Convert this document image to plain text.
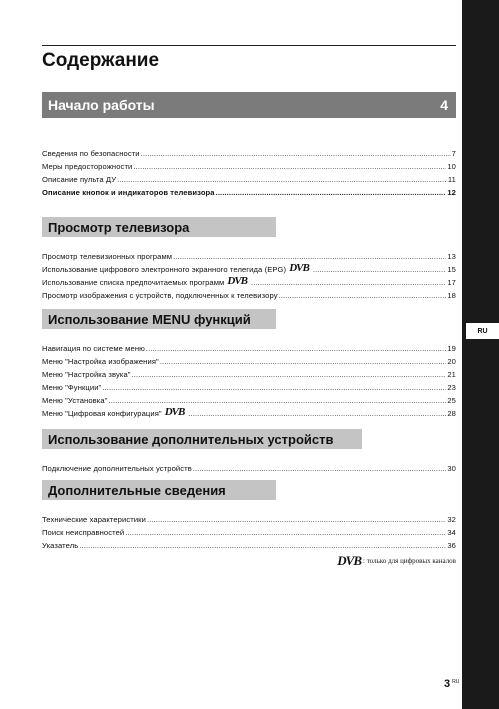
RU
Содержание
Начало работы	4
Сведения по безопасности .....	7
Меры предосторожности .....	10
Описание пульта ДУ .....	11
Описание кнопок и индикаторов телевизора .....	12
Просмотр телевизора
Просмотр телевизионных программ .....	13
Использование цифрового электронного экранного телегида (EPG) DVB .....	15
Использование списка предпочитаемых программ DVB .....	17
Просмотр изображения с устройств, подключенных к телевизору .....	18
Использование MENU функций
Навигация по системе меню .....	19
Меню "Настройка изображения" .....	20
Меню "Настройка звука" .....	21
Меню "Функции" .....	23
Меню "Установка" .....	25
Меню "Цифровая конфигурация" DVB .....	28
Использование дополнительных устройств
Подключение дополнительных устройств .....	30
Дополнительные сведения
Технические характеристики .....	32
Поиск неисправностей .....	34
Указатель .....	36
DVB : только для цифровых каналов
3 $^{RU}$
